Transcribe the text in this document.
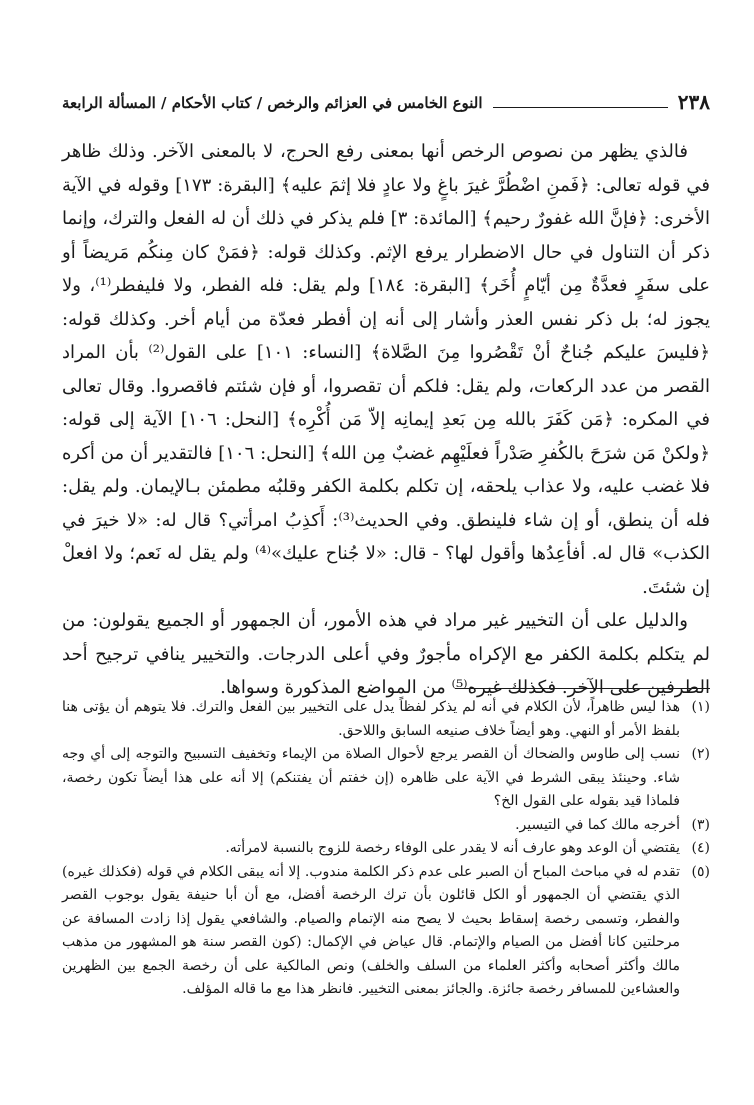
٢٣٨
النوع الخامس في العزائم والرخص / كتاب الأحكام / المسألة الرابعة

فالذي يظهر من نصوص الرخص أنها بمعنى رفع الحرج، لا بالمعنى الآخر. وذلك ظاهر في قوله تعالى: ﴿فَمنِ اضْطُرَّ غيرَ باغٍ ولا عادٍ فلا إثمَ عليه﴾ [البقرة: ١٧٣] وقوله في الآية الأخرى: ﴿فإنَّ الله غفورٌ رحيم﴾ [المائدة: ٣] فلم يذكر في ذلك أن له الفعل والترك، وإنما ذكر أن التناول في حال الاضطرار يرفع الإثم. وكذلك قوله: ﴿فمَنْ كان مِنكُم مَريضاً أو على سفَرٍ فعدَّةٌ مِن أيّامٍ أُخَر﴾ [البقرة: ١٨٤] ولم يقل: فله الفطر، ولا فليفطر⁽¹⁾، ولا يجوز له؛ بل ذكر نفس العذر وأشار إلى أنه إن أفطر فعدّة من أيام أخر. وكذلك قوله: ﴿فليسَ عليكم جُناحٌ أنْ تَقْصُروا مِنَ الصَّلاة﴾ [النساء: ١٠١] على القول⁽²⁾ بأن المراد القصر من عدد الركعات، ولم يقل: فلكم أن تقصروا، أو فإن شئتم فاقصروا. وقال تعالى في المكره: ﴿مَن كَفَرَ بالله مِن بَعدِ إيمانِه إلاّ مَن أُكْرِه﴾ [النحل: ١٠٦] الآية إلى قوله: ﴿ولكنْ مَن شرَحَ بالكُفرِ صَدْراً فعلَيْهِم غضبٌ مِن الله﴾ [النحل: ١٠٦] فالتقدير أن من أكره فلا غضب عليه، ولا عذاب يلحقه، إن تكلم بكلمة الكفر وقلبُه مطمئن بـالإيمان. ولم يقل: فله أن ينطق، أو إن شاء فلينطق. وفي الحديث⁽³⁾: أَكذِبُ امرأتي؟ قال له: «لا خيرَ في الكذب» قال له. أفأعِدُها وأقول لها؟ - قال: «لا جُناح عليك»⁽⁴⁾ ولم يقل له نَعم؛ ولا افعلْ إن شئتَ.

والدليل على أن التخيير غير مراد في هذه الأمور، أن الجمهور أو الجميع يقولون: من لم يتكلم بكلمة الكفر مع الإكراه مأجورٌ وفي أعلى الدرجات. والتخيير ينافي ترجيح أحد الطرفين على الآخر. فكذلك غيره⁽⁵⁾ من المواضع المذكورة وسواها.

(١)
هذا ليس ظاهراً، لأن الكلام في أنه لم يذكر لفظاً يدل على التخيير بين الفعل والترك. فلا يتوهم أن يؤتى هنا بلفظ الأمر أو النهي. وهو أيضاً خلاف صنيعه السابق واللاحق.
(٢)
نسب إلى طاوس والضحاك أن القصر يرجع لأحوال الصلاة من الإيماء وتخفيف التسبيح والتوجه إلى أي وجه شاء. وحينئذ يبقى الشرط في الآية على ظاهره (إن خفتم أن يفتنكم) إلا أنه على هذا أيضاً تكون رخصة، فلماذا قيد بقوله على القول الخ؟
(٣)
أخرجه مالك كما في التيسير.
(٤)
يقتضي أن الوعد وهو عارف أنه لا يقدر على الوفاء رخصة للزوج بالنسبة لامرأته.
(٥)
تقدم له في مباحث المباح أن الصبر على عدم ذكر الكلمة مندوب. إلا أنه يبقى الكلام في قوله (فكذلك غيره) الذي يقتضي أن الجمهور أو الكل قائلون بأن ترك الرخصة أفضل، مع أن أبا حنيفة يقول بوجوب القصر والفطر، وتسمى رخصة إسقاط بحيث لا يصح منه الإتمام والصيام. والشافعي يقول إذا زادت المسافة عن مرحلتين كانا أفضل من الصيام والإتمام. قال عياض في الإكمال: (كون القصر سنة هو المشهور من مذهب مالك وأكثر أصحابه وأكثر العلماء من السلف والخلف) ونص المالكية على أن رخصة الجمع بين الظهرين والعشاءين للمسافر رخصة جائزة. والجائز بمعنى التخيير. فانظر هذا مع ما قاله المؤلف.
